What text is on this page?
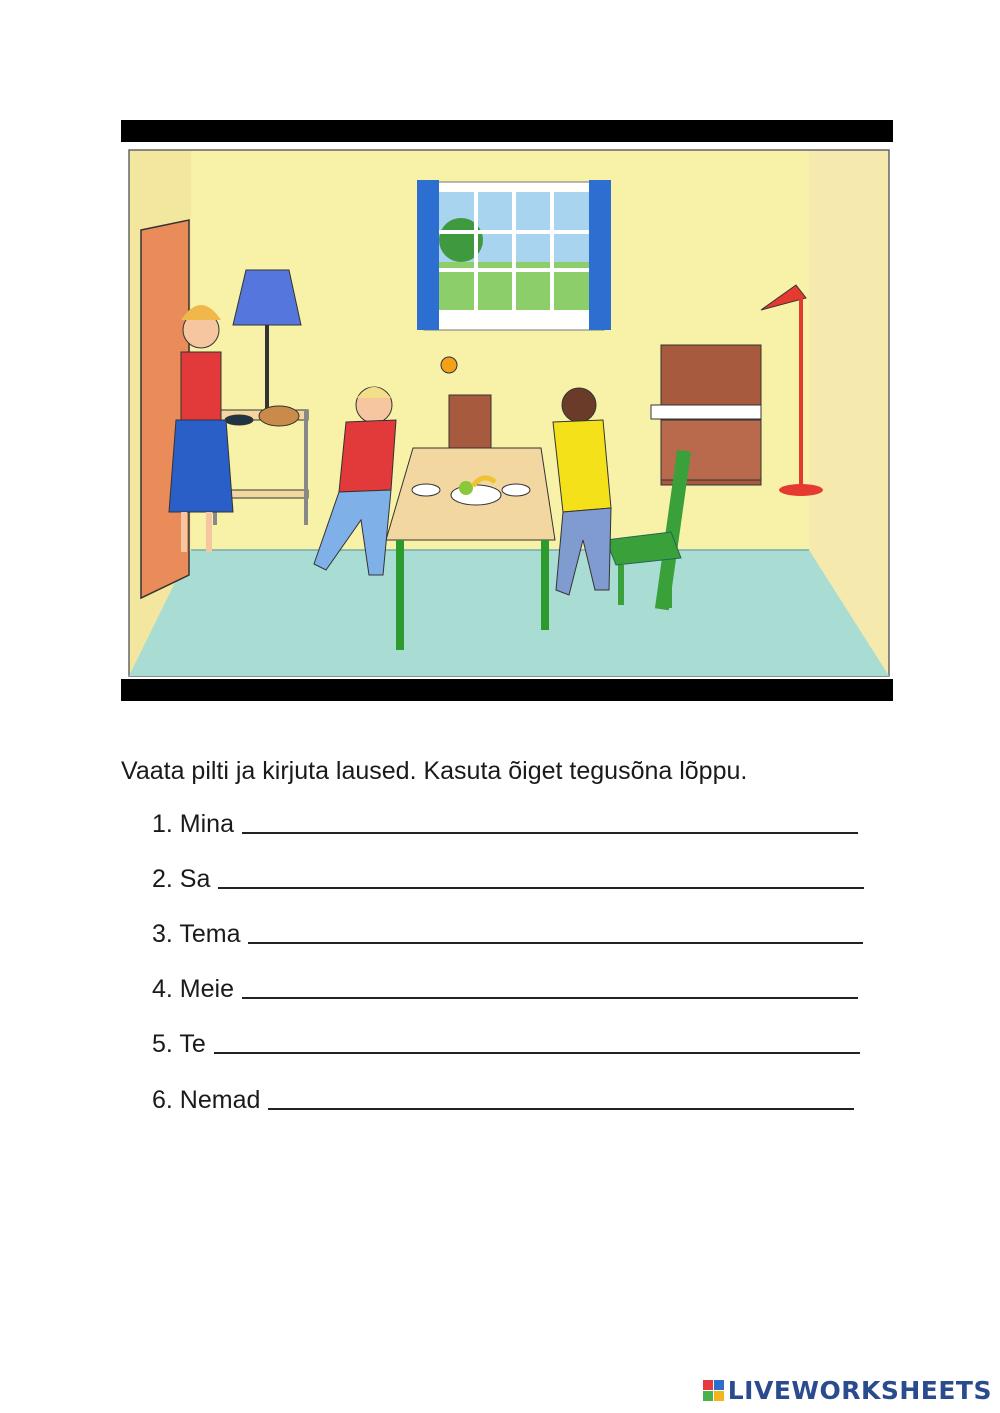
Vaata pilti ja kirjuta laused. Kasuta õiget tegusõna lõppu.
1. Mina
2. Sa
3. Tema
4. Meie
5. Te
6. Nemad
LIVEWORKSHEETS
